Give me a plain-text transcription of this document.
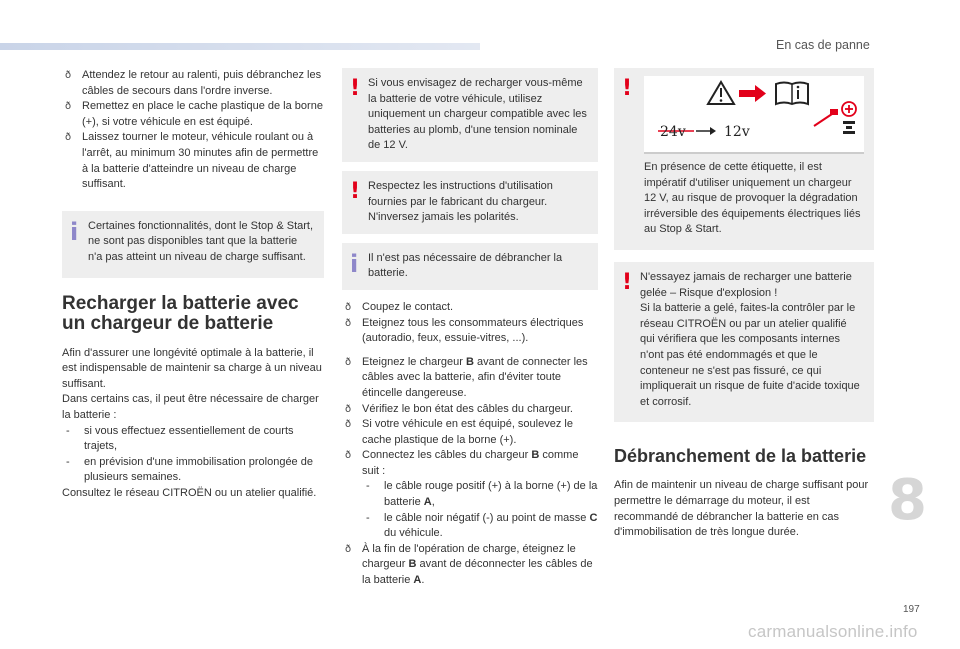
En cas de panne
ð Attendez le retour au ralenti, puis débranchez les câbles de secours dans l'ordre inverse.
ð Remettez en place le cache plastique de la borne (+), si votre véhicule en est équipé.
ð Laissez tourner le moteur, véhicule roulant ou à l'arrêt, au minimum 30 minutes afin de permettre à la batterie d'atteindre un niveau de charge suffisant.
i Certaines fonctionnalités, dont le Stop & Start, ne sont pas disponibles tant que la batterie n'a pas atteint un niveau de charge suffisant.
Recharger la batterie avec un chargeur de batterie
Afin d'assurer une longévité optimale à la batterie, il est indispensable de maintenir sa charge à un niveau suffisant.
Dans certains cas, il peut être nécessaire de charger la batterie :
- si vous effectuez essentiellement de courts trajets,
- en prévision d'une immobilisation prolongée de plusieurs semaines.
Consultez le réseau CITROËN ou un atelier qualifié.
! Si vous envisagez de recharger vous-même la batterie de votre véhicule, utilisez uniquement un chargeur compatible avec les batteries au plomb, d'une tension nominale de 12 V.
! Respectez les instructions d'utilisation fournies par le fabricant du chargeur. N'inversez jamais les polarités.
i Il n'est pas nécessaire de débrancher la batterie.
ð Coupez le contact.
ð Eteignez tous les consommateurs électriques (autoradio, feux, essuie-vitres, ...).
ð Eteignez le chargeur B avant de connecter les câbles avec la batterie, afin d'éviter toute étincelle dangereuse.
ð Vérifiez le bon état des câbles du chargeur.
ð Si votre véhicule en est équipé, soulevez le cache plastique de la borne (+).
ð Connectez les câbles du chargeur B comme suit :
- le câble rouge positif (+) à la borne (+) de la batterie A,
- le câble noir négatif (-) au point de masse C du véhicule.
ð À la fin de l'opération de charge, éteignez le chargeur B avant de déconnecter les câbles de la batterie A.
!
24v	12v
En présence de cette étiquette, il est impératif d'utiliser uniquement un chargeur 12 V, au risque de provoquer la dégradation irréversible des équipements électriques liés au Stop & Start.
! N'essayez jamais de recharger une batterie gelée – Risque d'explosion !
Si la batterie a gelé, faites-la contrôler par le réseau CITROËN ou par un atelier qualifié qui vérifiera que les composants internes n'ont pas été endommagés et que le conteneur ne s'est pas fissuré, ce qui impliquerait un risque de fuite d'acide toxique et corrosif.
Débranchement de la batterie
Afin de maintenir un niveau de charge suffisant pour permettre le démarrage du moteur, il est recommandé de débrancher la batterie en cas d'immobilisation de très longue durée.	8
197
carmanualsonline.info
